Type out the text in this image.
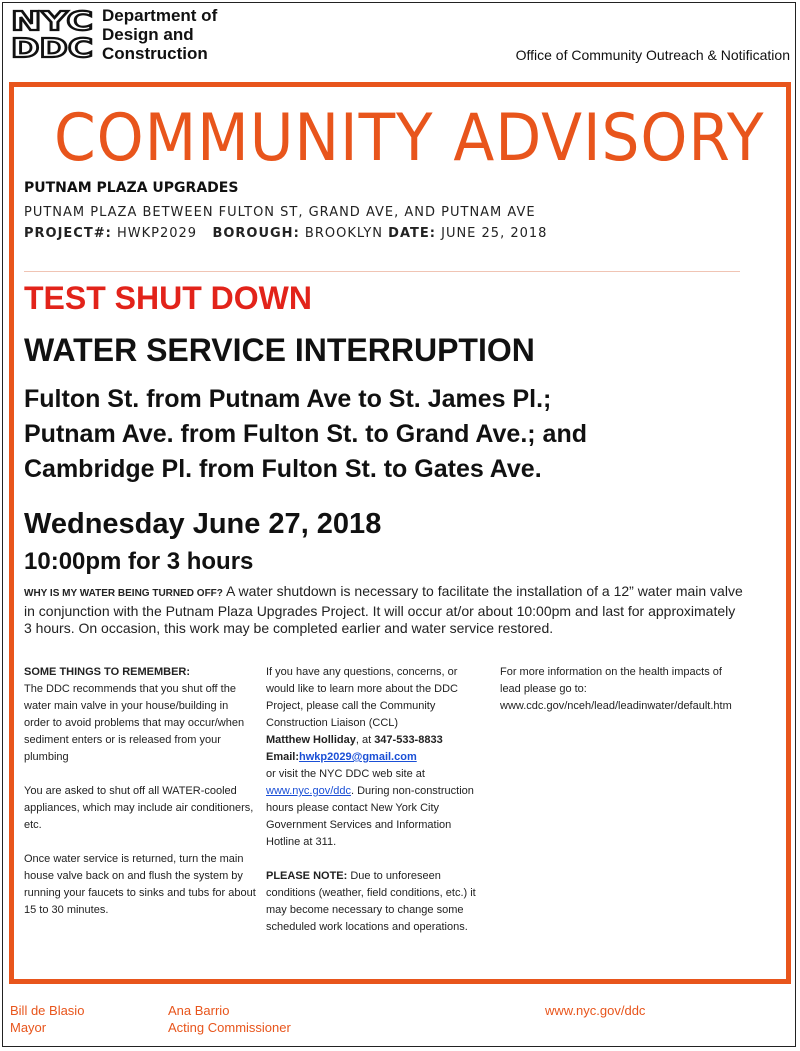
NYC
DDC
Department of
Design and
Construction	Office of Community Outreach & Notification
COMMUNITY ADVISORY
PUTNAM PLAZA UPGRADES
PUTNAM PLAZA BETWEEN FULTON ST, GRAND AVE, AND PUTNAM AVE
PROJECT#: HWKP2029 BOROUGH: BROOKLYN DATE: JUNE 25, 2018
TEST SHUT DOWN
WATER SERVICE INTERRUPTION
Fulton St. from Putnam Ave to St. James Pl.;
Putnam Ave. from Fulton St. to Grand Ave.; and
Cambridge Pl. from Fulton St. to Gates Ave.
Wednesday June 27, 2018
10:00pm for 3 hours
WHY IS MY WATER BEING TURNED OFF? A water shutdown is necessary to facilitate the installation of a 12” water main valve in conjunction with the Putnam Plaza Upgrades Project. It will occur at/or about 10:00pm and last for approximately 3 hours. On occasion, this work may be completed earlier and water service restored.
SOME THINGS TO REMEMBER:

The DDC recommends that you shut off the water main valve in your house/building in order to avoid problems that may occur/when sediment enters or is released from your plumbing

You are asked to shut off all WATER-cooled appliances, which may include air conditioners, etc.

Once water service is returned, turn the main house valve back on and flush the system by running your faucets to sinks and tubs for about 15 to 30 minutes.

If you have any questions, concerns, or would like to learn more about the DDC Project, please call the Community Construction Liaison (CCL)
Matthew Holliday, at 347-533-8833
Email:hwkp2029@gmail.com
or visit the NYC DDC web site at

www.nyc.gov/ddc. During non-construction hours please contact New York City Government Services and Information Hotline at 311.

PLEASE NOTE: Due to unforeseen conditions (weather, field conditions, etc.) it may become necessary to change some scheduled work locations and operations.

For more information on the health impacts of lead please go to: www.cdc.gov/nceh/lead/leadinwater/default.htm
Bill de Blasio
Mayor
Ana Barrio
Acting Commissioner
www.nyc.gov/ddc
